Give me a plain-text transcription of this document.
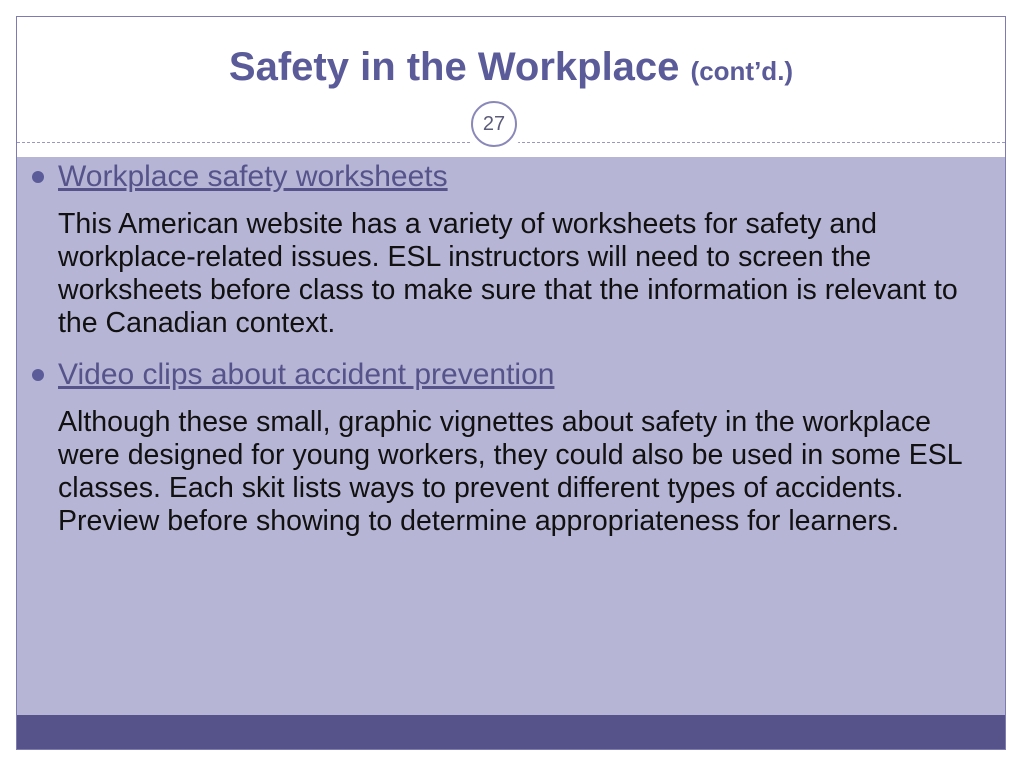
Safety in the Workplace (cont’d.)
27
Workplace safety worksheets
This American website has a variety of worksheets for safety and workplace-related issues. ESL instructors will need to screen the worksheets before class to make sure that the information is relevant to the Canadian context.
Video clips about accident prevention
Although these small, graphic vignettes about safety in the workplace were designed for young workers, they could also be used in some ESL classes. Each skit lists ways to prevent different types of accidents. Preview before showing to determine appropriateness for learners.
